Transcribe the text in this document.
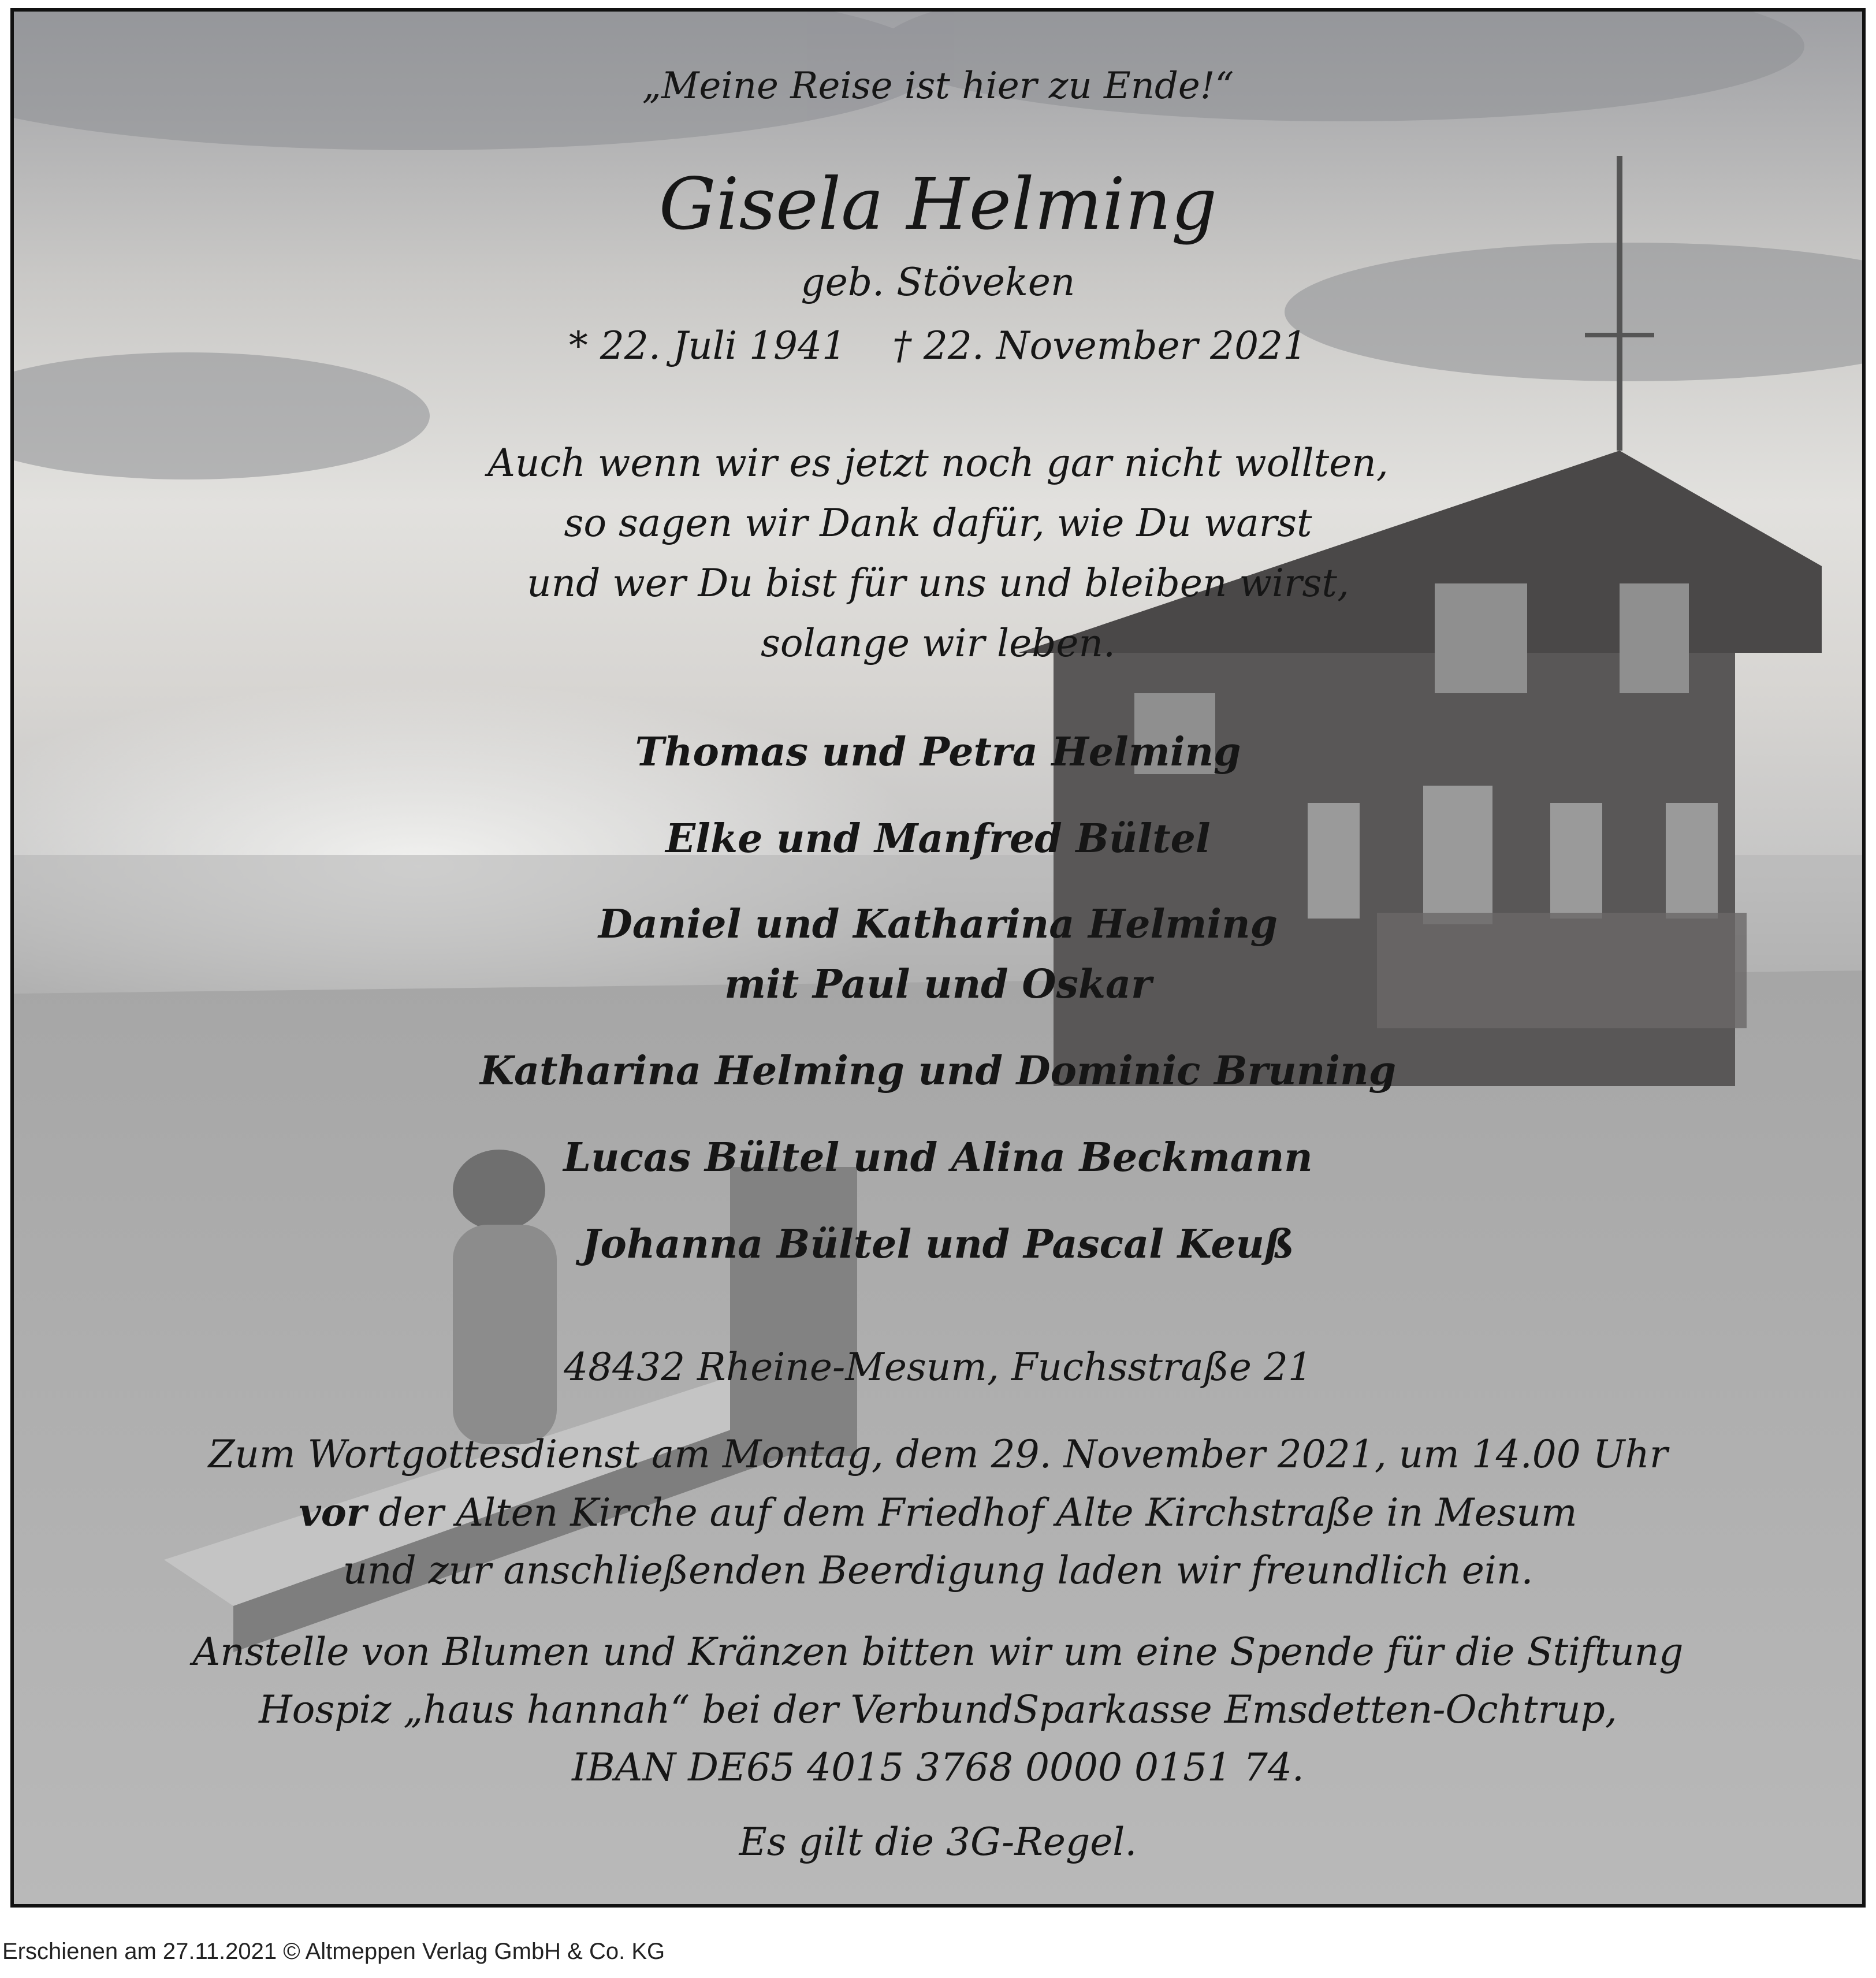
„Meine Reise ist hier zu Ende!“
Gisela Helming
geb. Stöveken
* 22. Juli 1941 † 22. November 2021
Auch wenn wir es jetzt noch gar nicht wollten,
so sagen wir Dank dafür, wie Du warst
und wer Du bist für uns und bleiben wirst,
solange wir leben.
Thomas und Petra Helming
Elke und Manfred Bültel
Daniel und Katharina Helming
mit Paul und Oskar
Katharina Helming und Dominic Bruning
Lucas Bültel und Alina Beckmann
Johanna Bültel und Pascal Keuß
48432 Rheine-Mesum, Fuchsstraße 21
Zum Wortgottesdienst am Montag, dem 29. November 2021, um 14.00 Uhr
vor der Alten Kirche auf dem Friedhof Alte Kirchstraße in Mesum
und zur anschließenden Beerdigung laden wir freundlich ein.
Anstelle von Blumen und Kränzen bitten wir um eine Spende für die Stiftung
Hospiz „haus hannah“ bei der VerbundSparkasse Emsdetten-Ochtrup,
IBAN DE65 4015 3768 0000 0151 74.
Es gilt die 3G-Regel.
Erschienen am 27.11.2021 © Altmeppen Verlag GmbH & Co. KG
